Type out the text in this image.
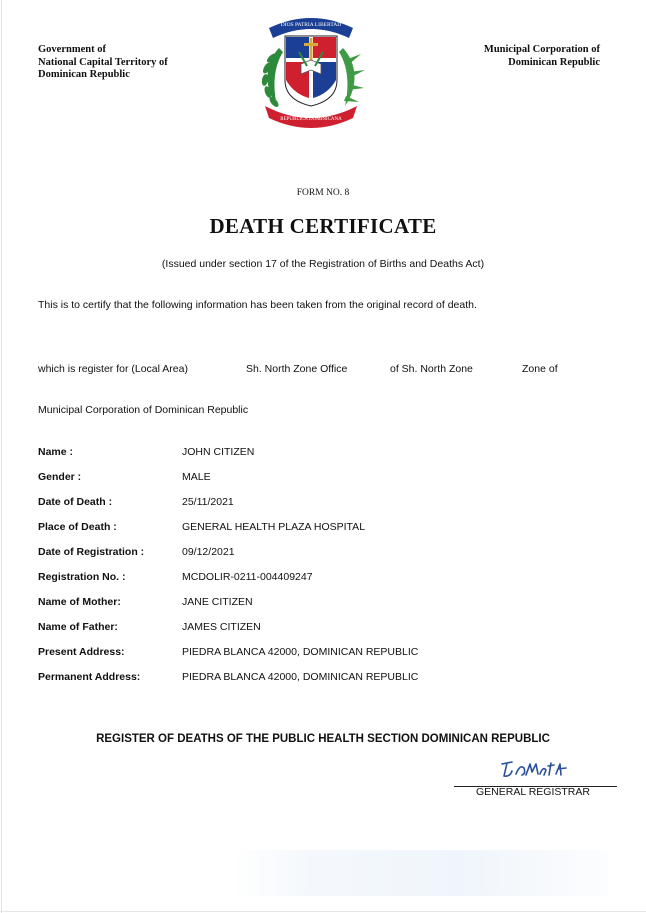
Government of
National Capital Territory of
Dominican Republic
Municipal Corporation of
Dominican Republic
DIOS PATRIA LIBERTAD
REPUBLICA DOMINICANA
FORM NO. 8
DEATH CERTIFICATE
(Issued under section 17 of the Registration of Births and Deaths Act)
This is to certify that the following information has been taken from the original record of death.
which is register for (Local Area)	Sh. North Zone Office	of Sh. North Zone	Zone of
Municipal Corporation of Dominican Republic
Name :	JOHN CITIZEN
Gender :	MALE
Date of Death :	25/11/2021
Place of Death :	GENERAL HEALTH PLAZA HOSPITAL
Date of Registration :	09/12/2021
Registration No. :	MCDOLIR-0211-004409247
Name of Mother:	JANE CITIZEN
Name of Father:	JAMES CITIZEN
Present Address:	PIEDRA BLANCA 42000, DOMINICAN REPUBLIC
Permanent Address:	PIEDRA BLANCA 42000, DOMINICAN REPUBLIC
REGISTER OF DEATHS OF THE PUBLIC HEALTH SECTION DOMINICAN REPUBLIC
GENERAL REGISTRAR
